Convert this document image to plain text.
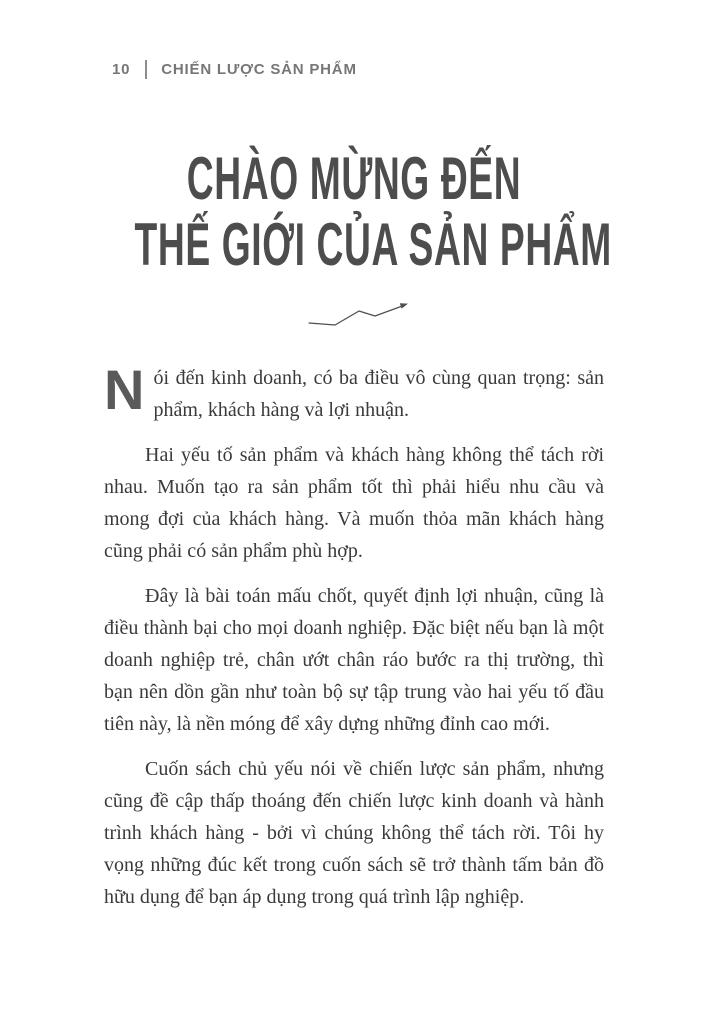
10 CHIẾN LƯỢC SẢN PHẨM
CHÀO MỪNG ĐẾN
THẾ GIỚI CỦA SẢN PHẨM

Nói đến kinh doanh, có ba điều vô cùng quan trọng: sản phẩm, khách hàng và lợi nhuận.

Hai yếu tố sản phẩm và khách hàng không thể tách rời nhau. Muốn tạo ra sản phẩm tốt thì phải hiểu nhu cầu và mong đợi của khách hàng. Và muốn thỏa mãn khách hàng cũng phải có sản phẩm phù hợp.

Đây là bài toán mấu chốt, quyết định lợi nhuận, cũng là điều thành bại cho mọi doanh nghiệp. Đặc biệt nếu bạn là một doanh nghiệp trẻ, chân ướt chân ráo bước ra thị trường, thì bạn nên dồn gần như toàn bộ sự tập trung vào hai yếu tố đầu tiên này, là nền móng để xây dựng những đỉnh cao mới.

Cuốn sách chủ yếu nói về chiến lược sản phẩm, nhưng cũng đề cập thấp thoáng đến chiến lược kinh doanh và hành trình khách hàng - bởi vì chúng không thể tách rời. Tôi hy vọng những đúc kết trong cuốn sách sẽ trở thành tấm bản đồ hữu dụng để bạn áp dụng trong quá trình lập nghiệp.
